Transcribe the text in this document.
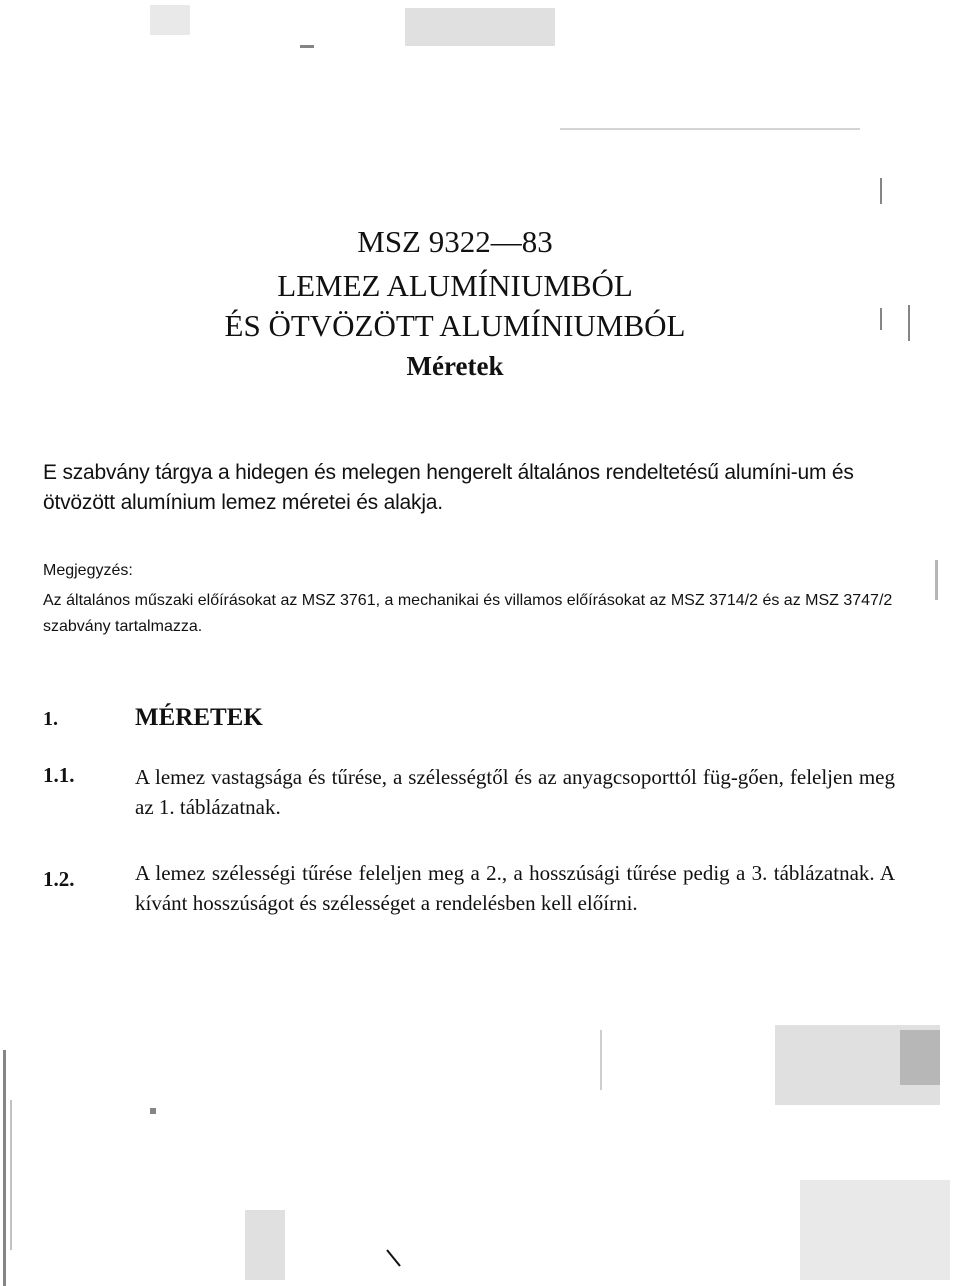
MSZ 9322—83
LEMEZ ALUMÍNIUMBÓL
ÉS ÖTVÖZÖTT ALUMÍNIUMBÓL
Méretek
E szabvány tárgya a hidegen és melegen hengerelt általános rendeltetésű alumíni-um és ötvözött alumínium lemez méretei és alakja.
Megjegyzés:
Az általános műszaki előírásokat az MSZ 3761, a mechanikai és villamos előírásokat az MSZ 3714/2 és az MSZ 3747/2 szabvány tartalmazza.
1.	MÉRETEK
1.1.	A lemez vastagsága és tűrése, a szélességtől és az anyagcsoporttól füg-gően, feleljen meg az 1. táblázatnak.
1.2.	A lemez szélességi tűrése feleljen meg a 2., a hosszúsági tűrése pedig a 3. táblázatnak. A kívánt hosszúságot és szélességet a rendelésben kell előírni.
